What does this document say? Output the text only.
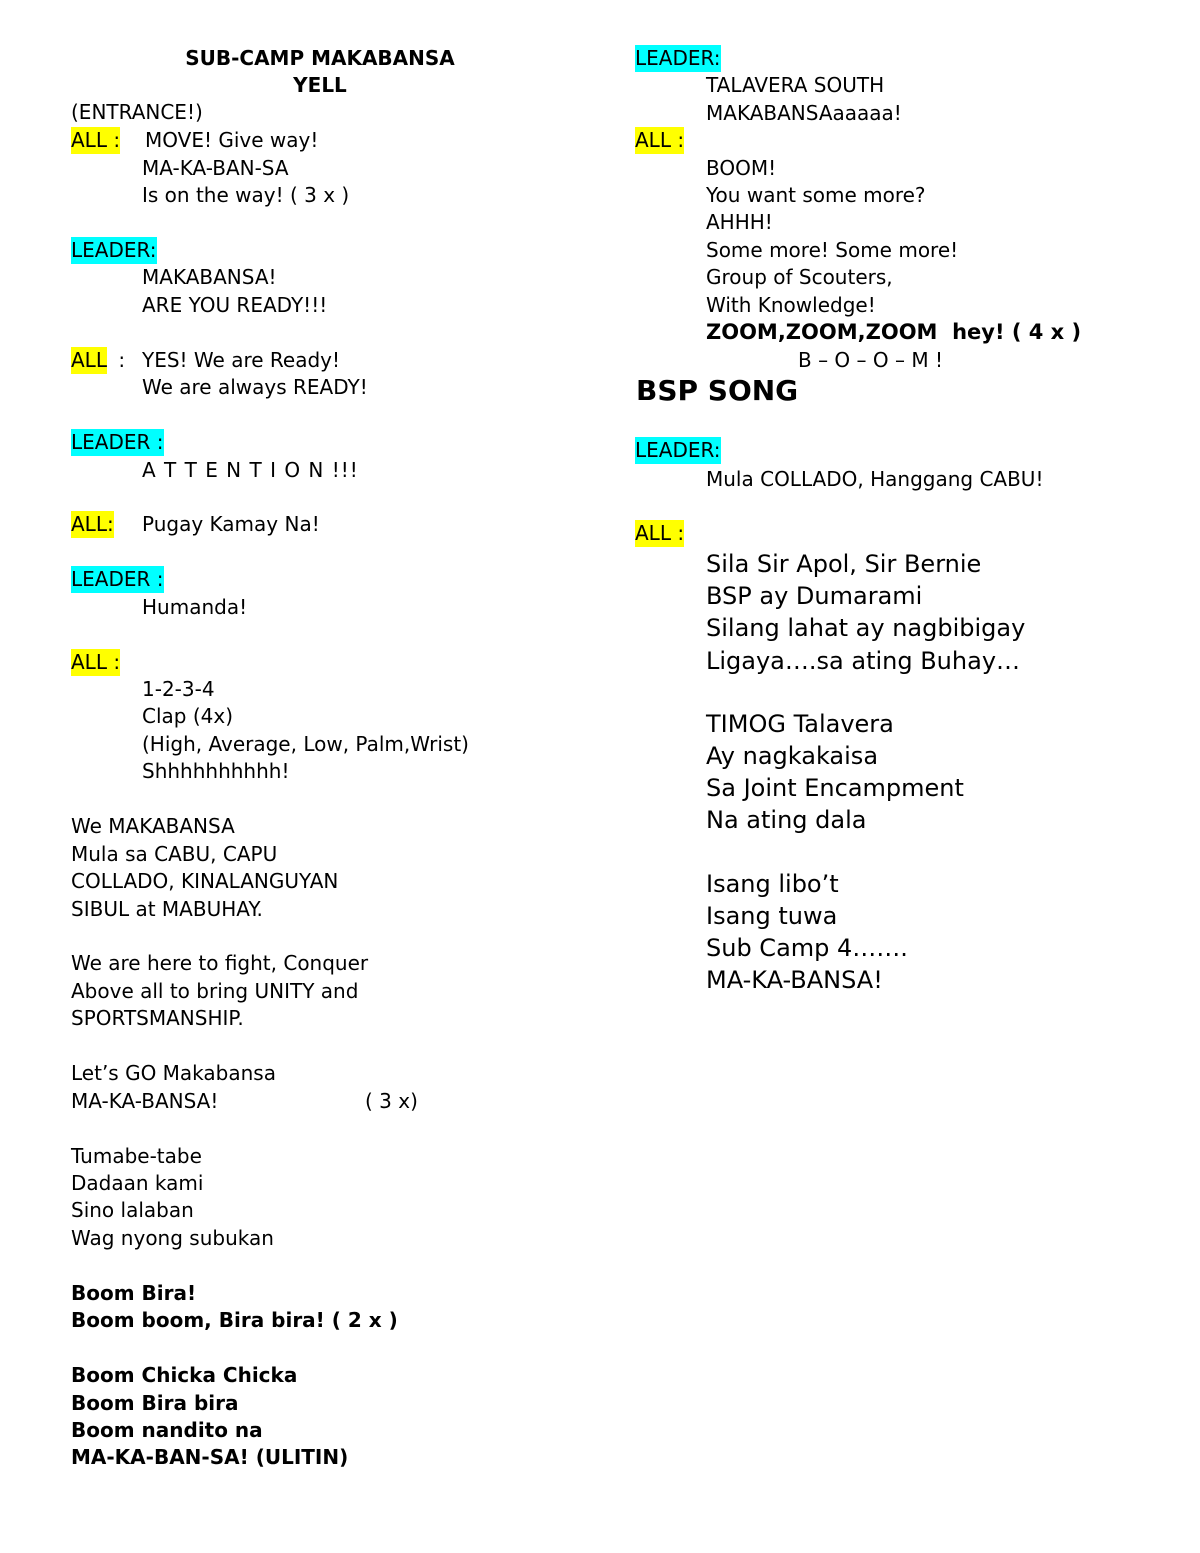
SUB-CAMP MAKABANSA
YELL
(ENTRANCE!)
ALL : MOVE! Give way!
MA-KA-BAN-SA
Is on the way! ( 3 x )
LEADER:
MAKABANSA!
ARE YOU READY!!!
ALL : YES! We are Ready!
We are always READY!
LEADER :
A T T E N T I O N !!!
ALL: Pugay Kamay Na!
LEADER :
Humanda!
ALL :
1-2-3-4
Clap (4x)
(High, Average, Low, Palm,Wrist)
Shhhhhhhhhh!
We MAKABANSA
Mula sa CABU, CAPU
COLLADO, KINALANGUYAN
SIBUL at MABUHAY.
We are here to fight, Conquer
Above all to bring UNITY and
SPORTSMANSHIP.
Let’s GO Makabansa
MA-KA-BANSA!	( 3 x)
Tumabe-tabe
Dadaan kami
Sino lalaban
Wag nyong subukan
Boom Bira!
Boom boom, Bira bira! ( 2 x )
Boom Chicka Chicka
Boom Bira bira
Boom nandito na
MA-KA-BAN-SA! (ULITIN)
LEADER:
TALAVERA SOUTH
MAKABANSAaaaaa!
ALL :
BOOM!
You want some more?
AHHH!
Some more! Some more!
Group of Scouters,
With Knowledge!
ZOOM,ZOOM,ZOOM  hey! ( 4 x )
B – O – O – M !
BSP SONG
LEADER:
Mula COLLADO, Hanggang CABU!
ALL :
Sila Sir Apol, Sir Bernie
BSP ay Dumarami
Silang lahat ay nagbibigay
Ligaya….sa ating Buhay…
TIMOG Talavera
Ay nagkakaisa
Sa Joint Encampment
Na ating dala
Isang libo’t
Isang tuwa
Sub Camp 4…….
MA-KA-BANSA!
